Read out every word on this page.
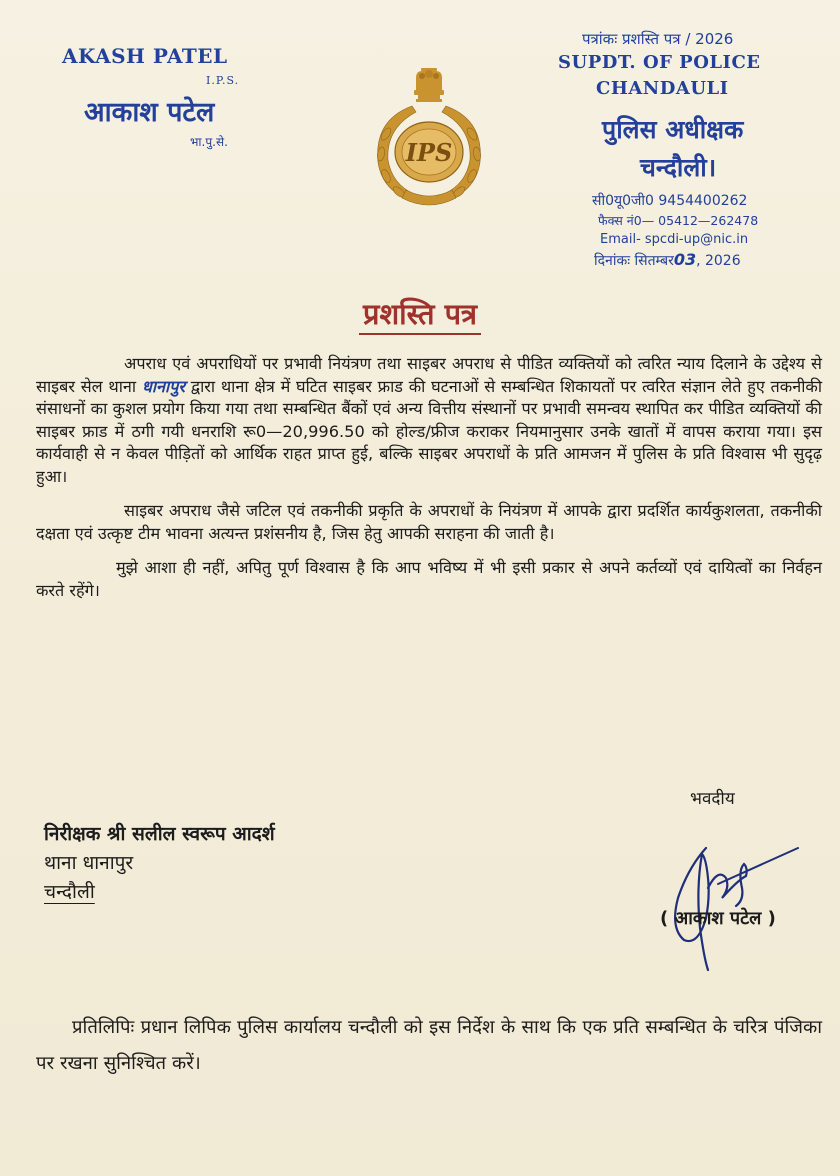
AKASH PATEL
I.P.S.
आकाश पटेल
भा.पु.से.	IPS
पत्रांकः प्रशस्ति पत्र / 2026
SUPDT. OF POLICE
CHANDAULI
पुलिस अधीक्षक
चन्दौली।
सी0यू0जी0 9454400262
फैक्स नं0— 05412—262478
Email- spcdi-up@nic.in
दिनांकः सितम्बर03, 2026
प्रशस्ति पत्र

अपराध एवं अपराधियों पर प्रभावी नियंत्रण तथा साइबर अपराध से पीडित व्यक्तियों को त्वरित न्याय दिलाने के उद्देश्य से साइबर सेल थाना धानापुर द्वारा थाना क्षेत्र में घटित साइबर फ्राड की घटनाओं से सम्बन्धित शिकायतों पर त्वरित संज्ञान लेते हुए तकनीकी संसाधनों का कुशल प्रयोग किया गया तथा सम्बन्धित बैंकों एवं अन्य वित्तीय संस्थानों पर प्रभावी समन्वय स्थापित कर पीडित व्यक्तियों की साइबर फ्राड में ठगी गयी धनराशि रू0—20,996.50 को होल्ड/फ्रीज कराकर नियमानुसार उनके खातों में वापस कराया गया। इस कार्यवाही से न केवल पीड़ितों को आर्थिक राहत प्राप्त हुई, बल्कि साइबर अपराधों के प्रति आमजन में पुलिस के प्रति विश्वास भी सुदृढ़ हुआ।

साइबर अपराध जैसे जटिल एवं तकनीकी प्रकृति के अपराधों के नियंत्रण में आपके द्वारा प्रदर्शित कार्यकुशलता, तकनीकी दक्षता एवं उत्कृष्ट टीम भावना अत्यन्त प्रशंसनीय है, जिस हेतु आपकी सराहना की जाती है।

मुझे आशा ही नहीं, अपितु पूर्ण विश्वास है कि आप भविष्य में भी इसी प्रकार से अपने कर्तव्यों एवं दायित्वों का निर्वहन करते रहेंगे।

भवदीय
निरीक्षक श्री सलील स्वरूप आदर्श
थाना धानापुर
चन्दौली
( आकाश पटेल )

प्रतिलिपिः प्रधान लिपिक पुलिस कार्यालय चन्दौली को इस निर्देश के साथ कि एक प्रति सम्बन्धित के चरित्र पंजिका पर रखना सुनिश्चित करें।
